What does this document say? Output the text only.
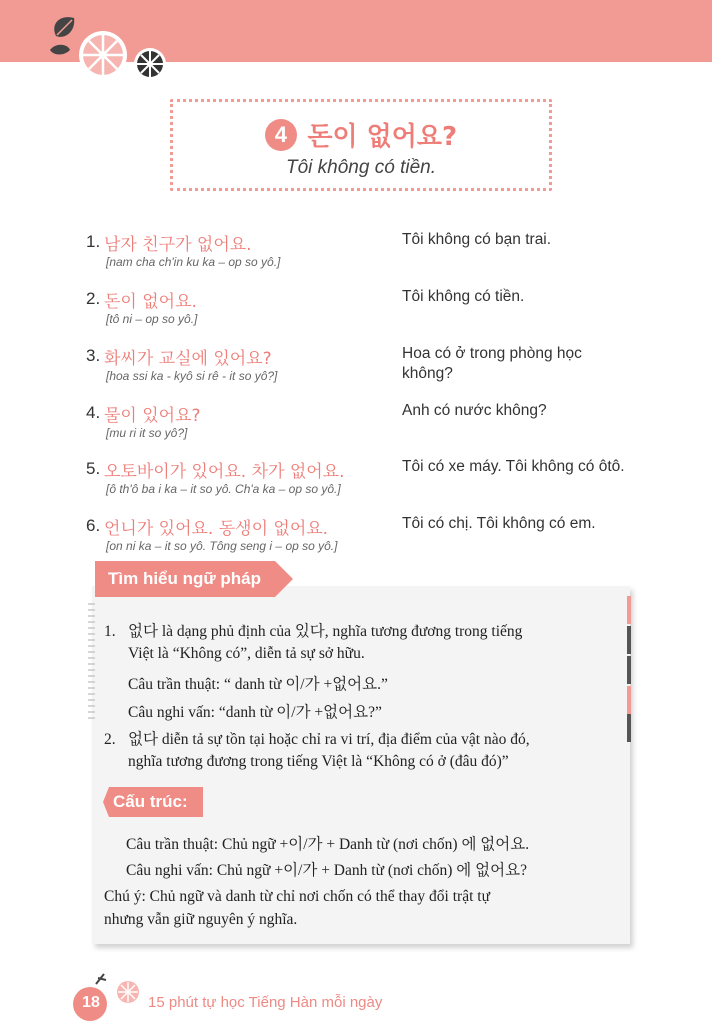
4 돈이 없어요?
Tôi không có tiền.
1. 남자 친구가 없어요.
[nam cha ch'in ku ka – op so yô.]
Tôi không có bạn trai.
2. 돈이 없어요.
[tô ni – op so yô.]
Tôi không có tiền.
3. 화씨가 교실에 있어요?
[hoa ssi ka - kyô si rê - it so yô?]
Hoa có ở trong phòng học không?
4. 물이 있어요?
[mu ri it so yô?]
Anh có nước không?
5. 오토바이가 있어요. 차가 없어요.
[ô th'ô ba i ka – it so yô. Ch'a ka – op so yô.]
Tôi có xe máy. Tôi không có ôtô.
6. 언니가 있어요. 동생이 없어요.
[on ni ka – it so yô. Tông seng i – op so yô.]
Tôi có chị. Tôi không có em.
Tìm hiểu ngữ pháp
1. 없다 là dạng phủ định của 있다, nghĩa tương đương trong tiếng
Việt là “Không có”, diễn tả sự sở hữu.
Câu trần thuật: “ danh từ 이/가 +없어요.”
Câu nghi vấn: “danh từ 이/가 +없어요?”
2. 없다 diễn tả sự tồn tại hoặc chỉ ra vi trí, địa điểm của vật nào đó,
nghĩa tương đương trong tiếng Việt là “Không có ở (đâu đó)”
Cấu trúc:
Câu trần thuật: Chủ ngữ +이/가 + Danh từ (nơi chốn) 에 없어요.
Câu nghi vấn: Chủ ngữ +이/가 + Danh từ (nơi chốn) 에 없어요?
Chú ý: Chủ ngữ và danh từ chỉ nơi chốn có thể thay đổi trật tự
nhưng vẫn giữ nguyên ý nghĩa.
18	15 phút tự học Tiếng Hàn mỗi ngày
